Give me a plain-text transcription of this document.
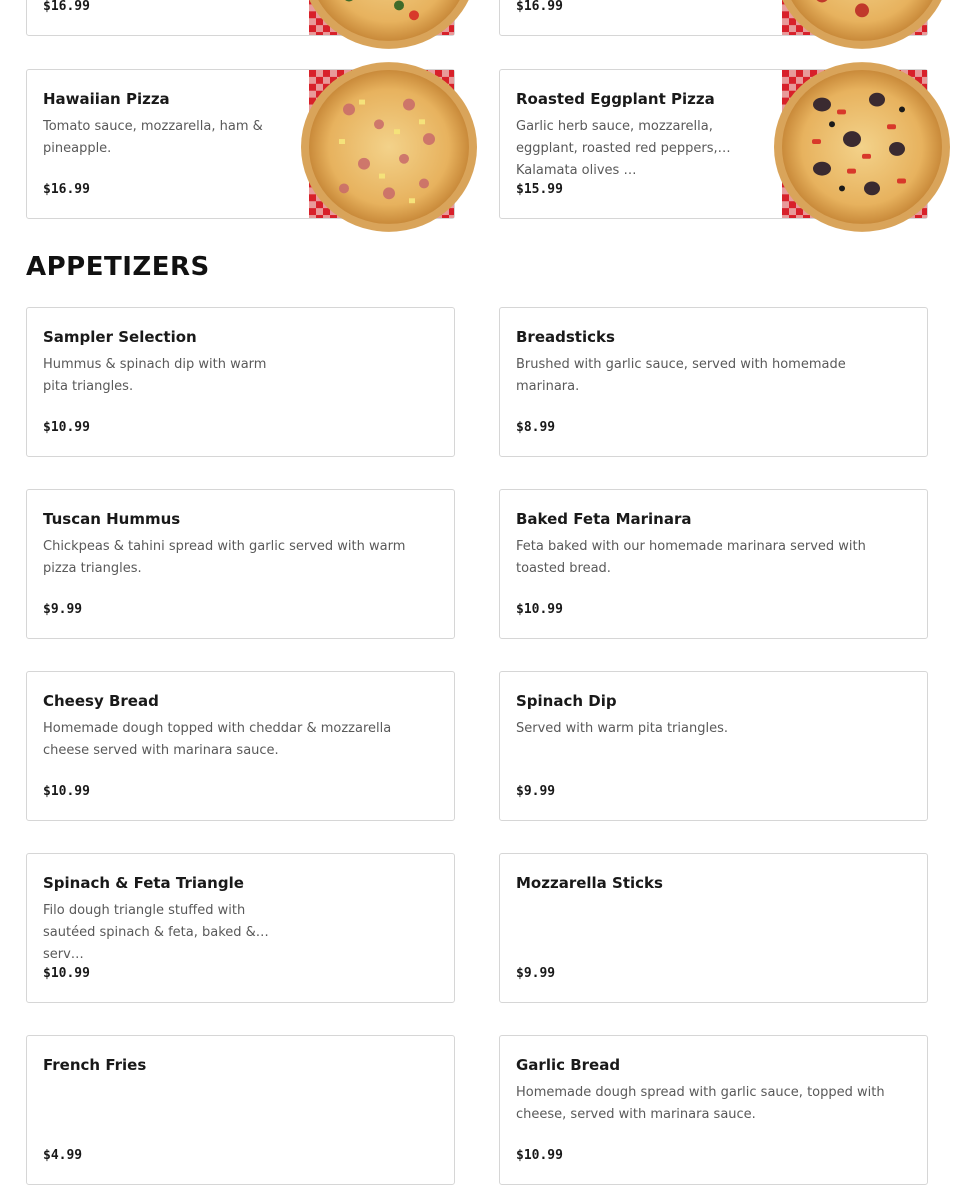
$16.99	$16.99
Hawaiian Pizza
Tomato sauce, mozzarella, ham & pineapple.
$16.99
Roasted Eggplant Pizza
Garlic herb sauce, mozzarella, eggplant, roasted red peppers, Kalamata olives …
$15.99
APPETIZERS
Sampler Selection
Hummus & spinach dip with warm pita triangles.
$10.99
Breadsticks
Brushed with garlic sauce, served with homemade marinara.
$8.99
Tuscan Hummus
Chickpeas & tahini spread with garlic served with warm pizza triangles.
$9.99
Baked Feta Marinara
Feta baked with our homemade marinara served with toasted bread.
$10.99
Cheesy Bread
Homemade dough topped with cheddar & mozzarella cheese served with marinara sauce.
$10.99
Spinach Dip
Served with warm pita triangles.
$9.99
Spinach & Feta Triangle
Filo dough triangle stuffed with sautéed spinach & feta, baked & serv…
$10.99
Mozzarella Sticks
$9.99
French Fries
$4.99
Garlic Bread
Homemade dough spread with garlic sauce, topped with cheese, served with marinara sauce.
$10.99
